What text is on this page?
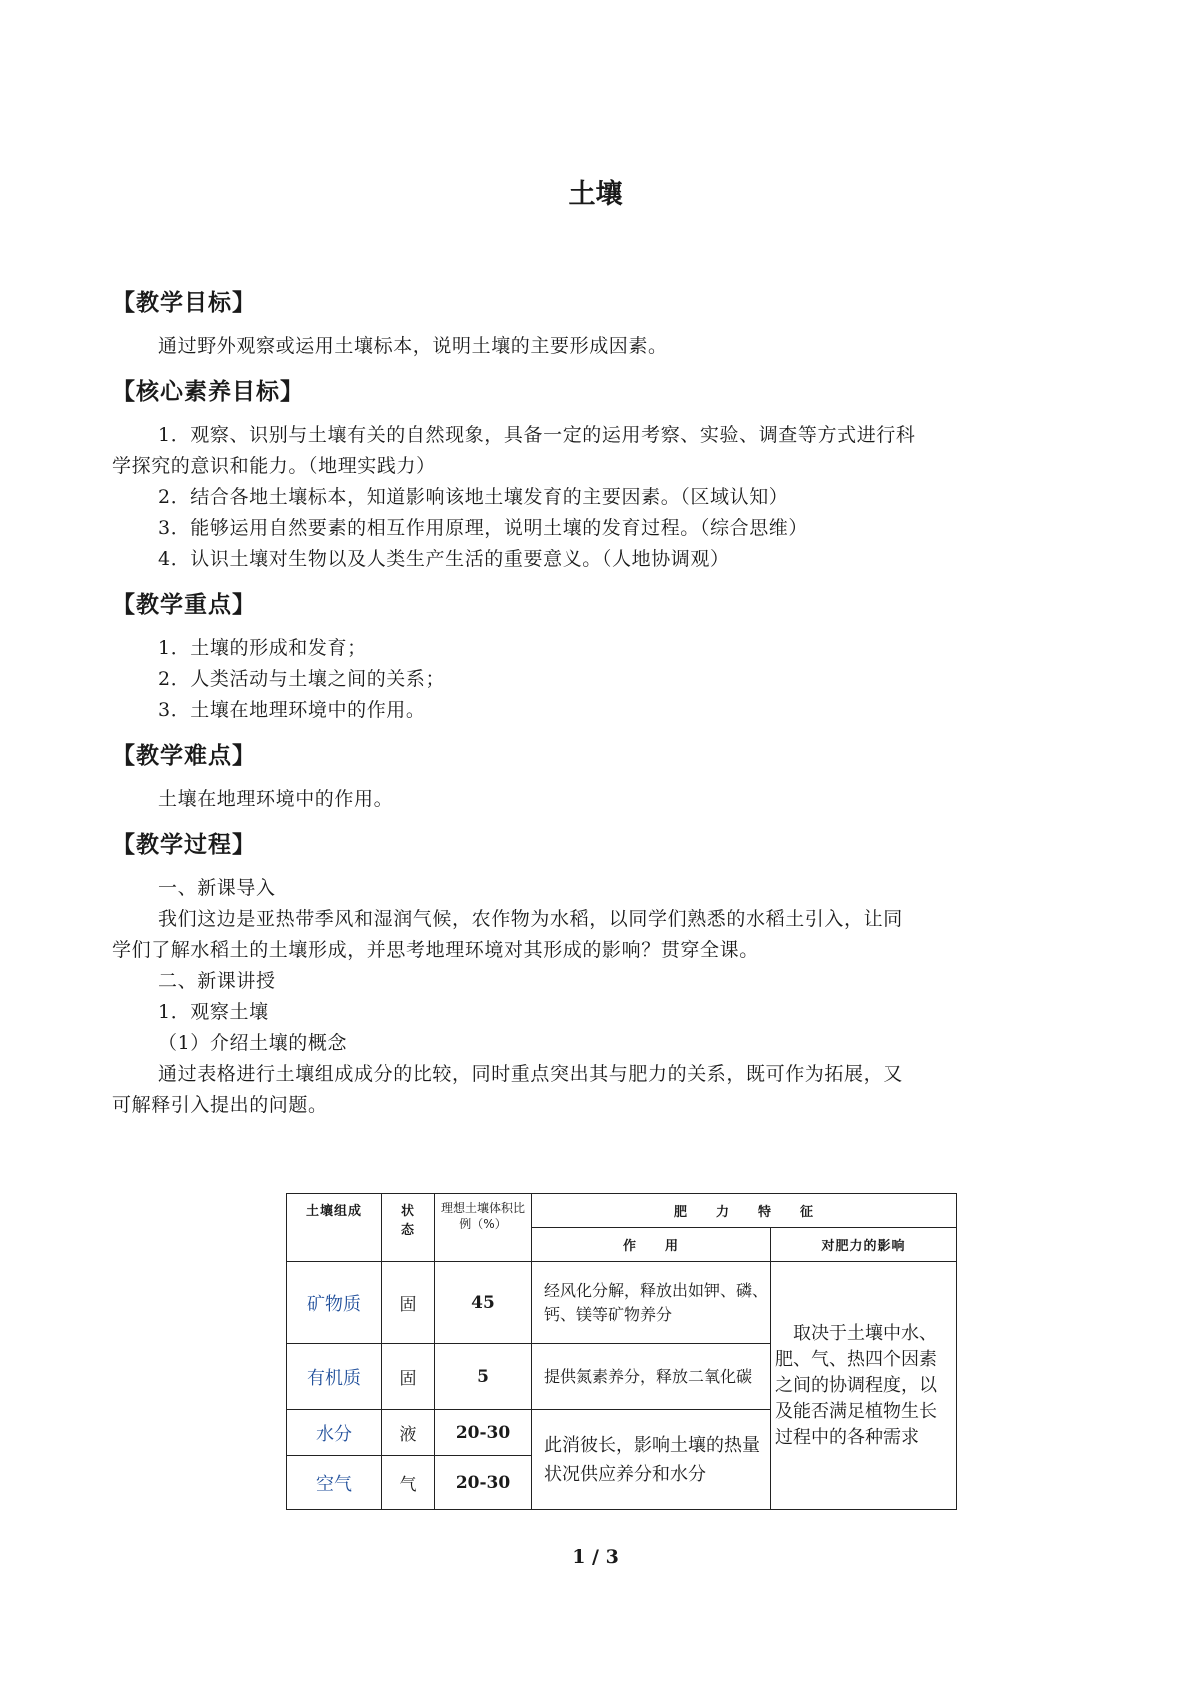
土壤
【教学目标】
通过野外观察或运用土壤标本，说明土壤的主要形成因素。
【核心素养目标】
1．观察、识别与土壤有关的自然现象，具备一定的运用考察、实验、调查等方式进行科
学探究的意识和能力。（地理实践力）
2．结合各地土壤标本，知道影响该地土壤发育的主要因素。（区域认知）
3．能够运用自然要素的相互作用原理，说明土壤的发育过程。（综合思维）
4．认识土壤对生物以及人类生产生活的重要意义。（人地协调观）
【教学重点】
1．土壤的形成和发育；
2．人类活动与土壤之间的关系；
3．土壤在地理环境中的作用。
【教学难点】
土壤在地理环境中的作用。
【教学过程】
一、新课导入
我们这边是亚热带季风和湿润气候，农作物为水稻，以同学们熟悉的水稻土引入，让同
学们了解水稻土的土壤形成，并思考地理环境对其形成的影响？贯穿全课。
二、新课讲授
1．观察土壤
（1）介绍土壤的概念
通过表格进行土壤组成成分的比较，同时重点突出其与肥力的关系，既可作为拓展，又
可解释引入提出的问题。
土壤组成	状态	理想土壤体积比例（%）	肥　　力　　特　　征	
			作　　用	对肥力的影响
矿物质	固	45	经风化分解，释放出如钾、磷、钙、镁等矿物养分	　取决于土壤中水、肥、气、热四个因素之间的协调程度，以及能否满足植物生长过程中的各种需求
有机质	固	5	提供氮素养分，释放二氧化碳	
水分	液	20-30	此消彼长，影响土壤的热量状况供应养分和水分	
空气	气	20-30		
1 / 3
